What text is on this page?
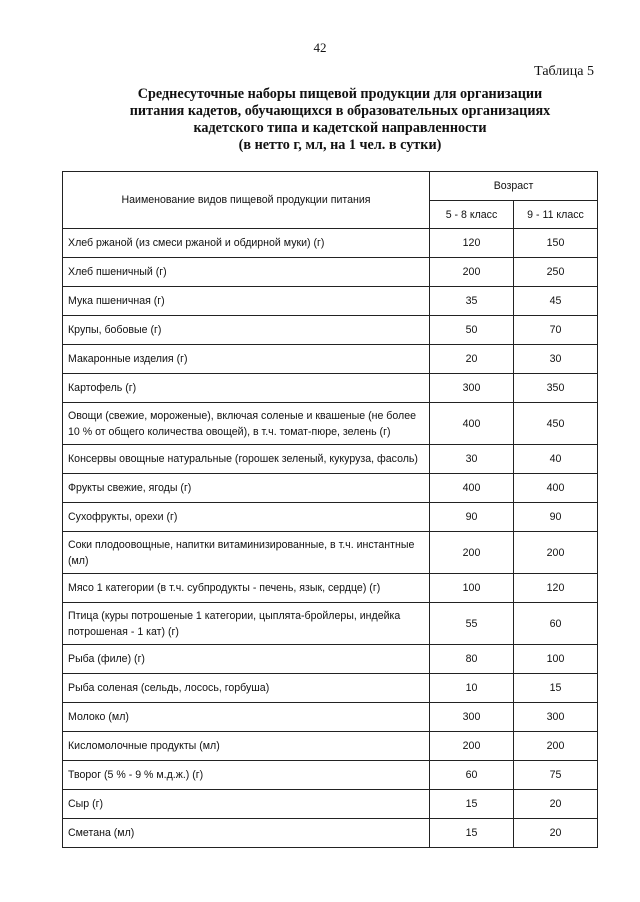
42
Таблица 5
Среднесуточные наборы пищевой продукции для организации
питания кадетов, обучающихся в образовательных организациях
кадетского типа и кадетской направленности
(в нетто г, мл, на 1 чел. в сутки)
Наименование видов пищевой продукции питания	Возраст	
	5 - 8 класс	9 - 11 класс
Хлеб ржаной (из смеси ржаной и обдирной муки) (г)	120	150
Хлеб пшеничный (г)	200	250
Мука пшеничная (г)	35	45
Крупы, бобовые (г)	50	70
Макаронные изделия (г)	20	30
Картофель (г)	300	350
Овощи (свежие, мороженые), включая соленые и квашеные (не более 10 % от общего количества овощей), в т.ч. томат-пюре, зелень (г)	400	450
Консервы овощные натуральные (горошек зеленый, кукуруза, фасоль)	30	40
Фрукты свежие, ягоды (г)	400	400
Сухофрукты, орехи (г)	90	90
Соки плодоовощные, напитки витаминизированные, в т.ч. инстантные (мл)	200	200
Мясо 1 категории (в т.ч. субпродукты - печень, язык, сердце) (г)	100	120
Птица (куры потрошеные 1 категории, цыплята-бройлеры, индейка потрошеная - 1 кат) (г)	55	60
Рыба (филе) (г)	80	100
Рыба соленая (сельдь, лосось, горбуша)	10	15
Молоко (мл)	300	300
Кисломолочные продукты (мл)	200	200
Творог (5 % - 9 % м.д.ж.) (г)	60	75
Сыр (г)	15	20
Сметана (мл)	15	20
